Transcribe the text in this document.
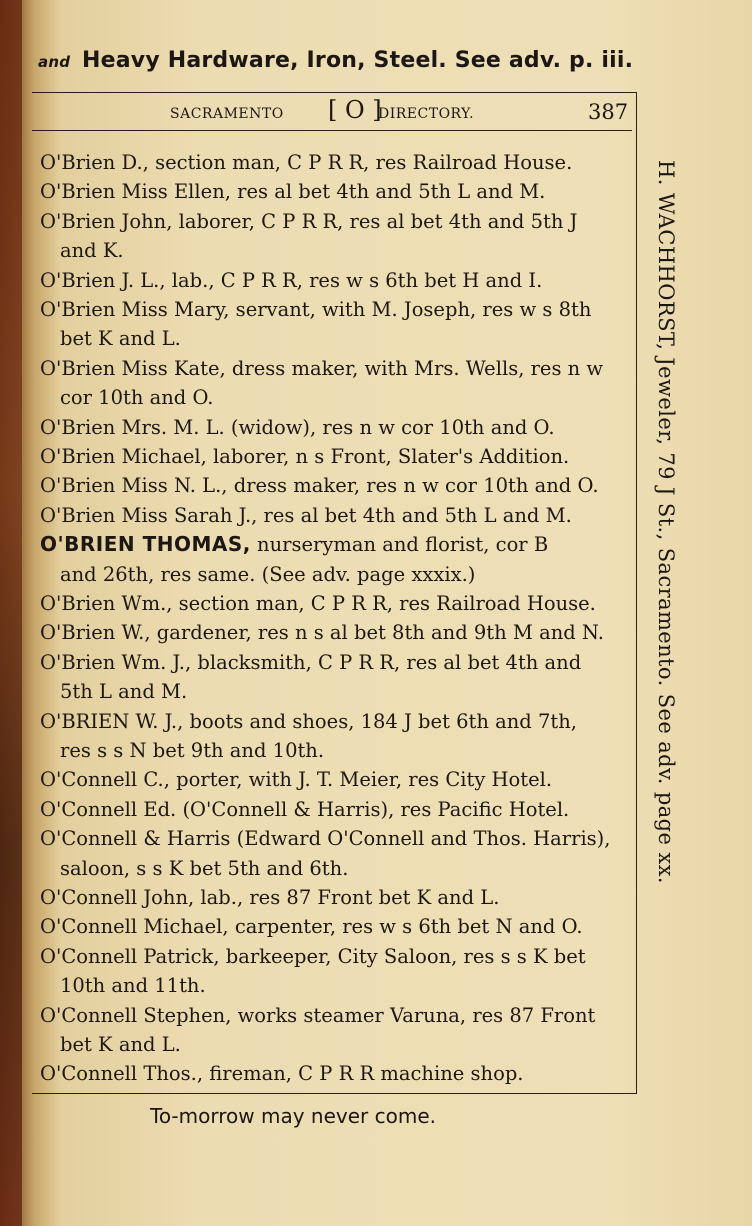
and Heavy Hardware, Iron, Steel. See adv. p. iii.
SACRAMENTO [ O ]
DIRECTORY.	387
O'Brien D., section man, C P R R, res Railroad House.
O'Brien Miss Ellen, res al bet 4th and 5th L and M.
O'Brien John, laborer, C P R R, res al bet 4th and 5th J
and K.
O'Brien J. L., lab., C P R R, res w s 6th bet H and I.
O'Brien Miss Mary, servant, with M. Joseph, res w s 8th
bet K and L.
O'Brien Miss Kate, dress maker, with Mrs. Wells, res n w
cor 10th and O.
O'Brien Mrs. M. L. (widow), res n w cor 10th and O.
O'Brien Michael, laborer, n s Front, Slater's Addition.
O'Brien Miss N. L., dress maker, res n w cor 10th and O.
O'Brien Miss Sarah J., res al bet 4th and 5th L and M.
O'BRIEN THOMAS, nurseryman and florist, cor B
and 26th, res same. (See adv. page xxxix.)
O'Brien Wm., section man, C P R R, res Railroad House.
O'Brien W., gardener, res n s al bet 8th and 9th M and N.
O'Brien Wm. J., blacksmith, C P R R, res al bet 4th and
5th L and M.
O'BRIEN W. J., boots and shoes, 184 J bet 6th and 7th,
res s s N bet 9th and 10th.
O'Connell C., porter, with J. T. Meier, res City Hotel.
O'Connell Ed. (O'Connell & Harris), res Pacific Hotel.
O'Connell & Harris (Edward O'Connell and Thos. Harris),
saloon, s s K bet 5th and 6th.
O'Connell John, lab., res 87 Front bet K and L.
O'Connell Michael, carpenter, res w s 6th bet N and O.
O'Connell Patrick, barkeeper, City Saloon, res s s K bet
10th and 11th.
O'Connell Stephen, works steamer Varuna, res 87 Front
bet K and L.
O'Connell Thos., fireman, C P R R machine shop.
H. WACHHORST, Jeweler, 79 J St., Sacramento. See adv. page xx.
To-morrow may never come.
